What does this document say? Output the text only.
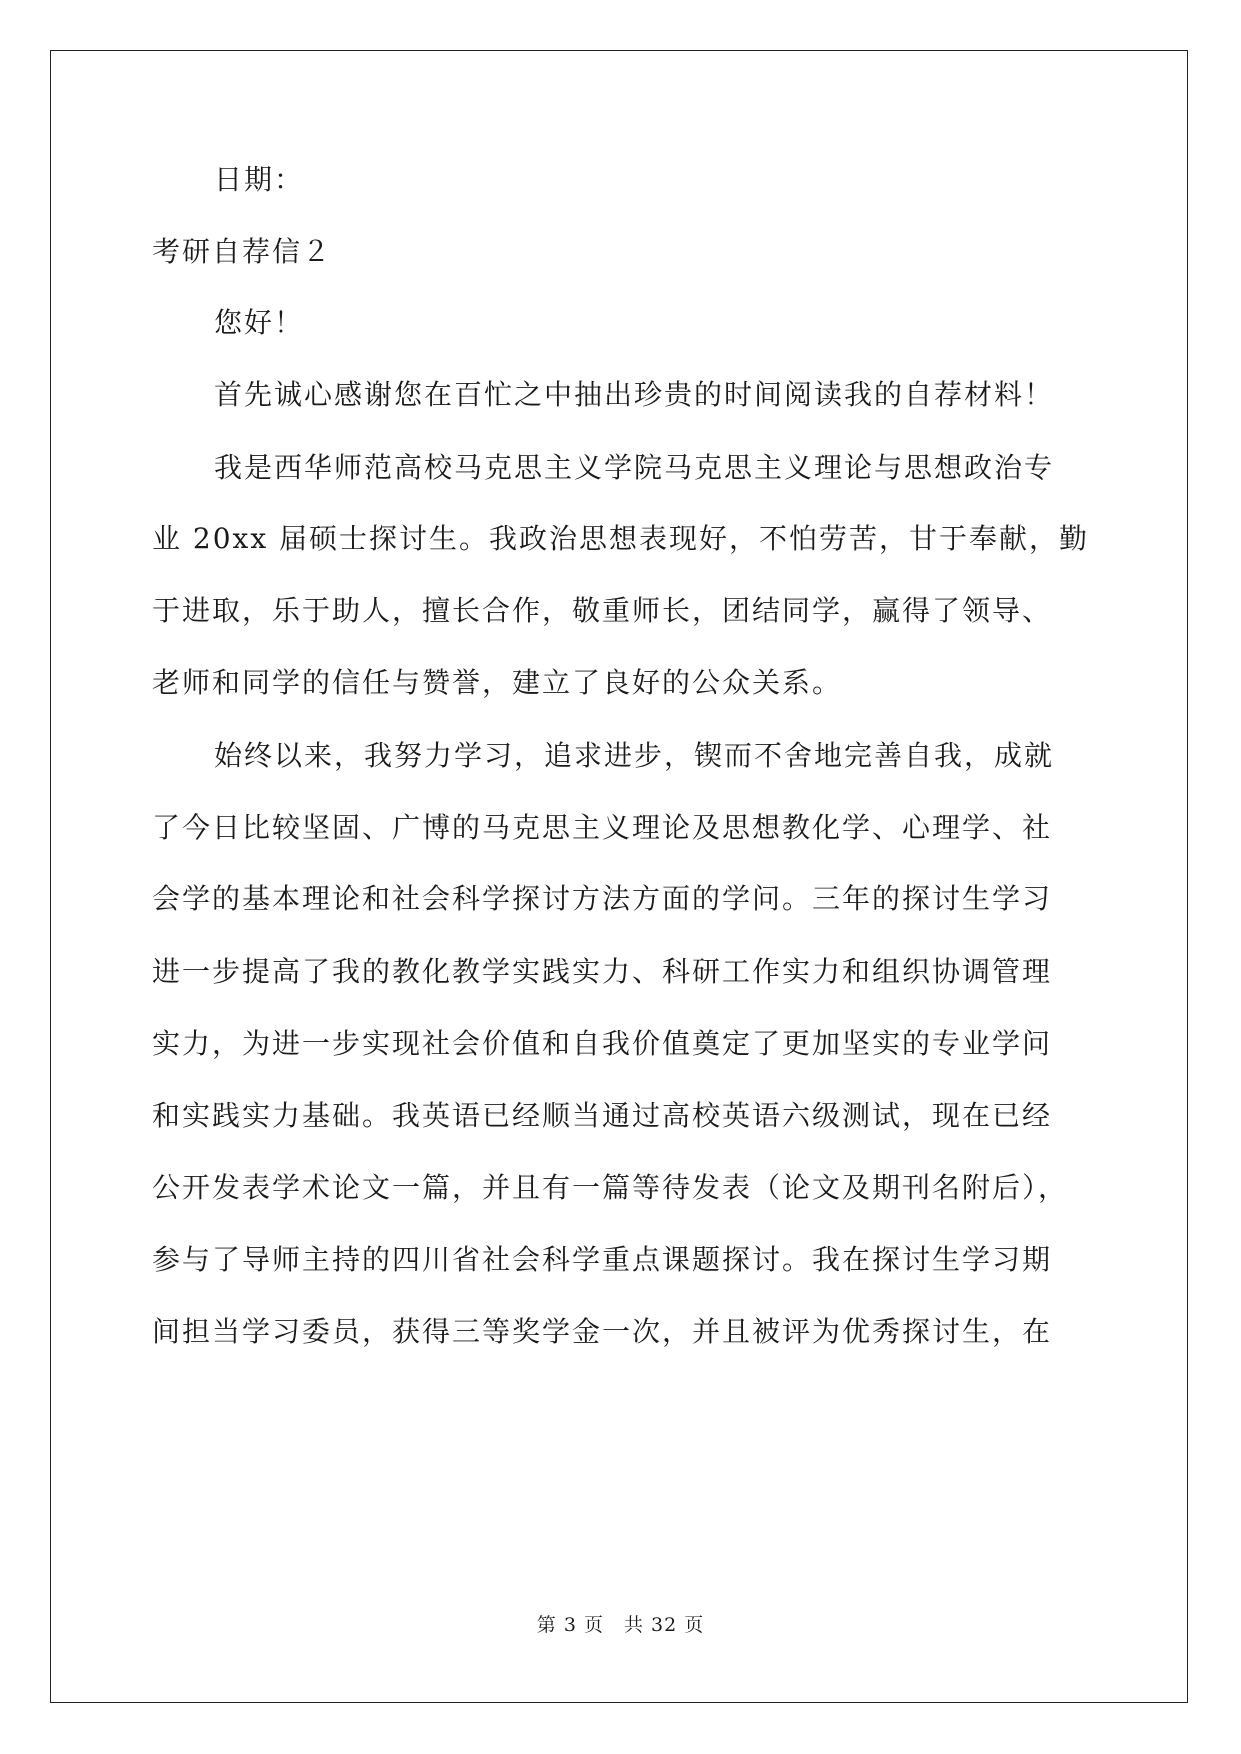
日期：
考研自荐信２
您好！
首先诚心感谢您在百忙之中抽出珍贵的时间阅读我的自荐材料！
我是西华师范高校马克思主义学院马克思主义理论与思想政治专
业 20xx 届硕士探讨生。我政治思想表现好，不怕劳苦，甘于奉献，勤
于进取，乐于助人，擅长合作，敬重师长，团结同学，赢得了领导、
老师和同学的信任与赞誉，建立了良好的公众关系。
始终以来，我努力学习，追求进步，锲而不舍地完善自我，成就
了今日比较坚固、广博的马克思主义理论及思想教化学、心理学、社
会学的基本理论和社会科学探讨方法方面的学问。三年的探讨生学习
进一步提高了我的教化教学实践实力、科研工作实力和组织协调管理
实力，为进一步实现社会价值和自我价值奠定了更加坚实的专业学问
和实践实力基础。我英语已经顺当通过高校英语六级测试，现在已经
公开发表学术论文一篇，并且有一篇等待发表（论文及期刊名附后），
参与了导师主持的四川省社会科学重点课题探讨。我在探讨生学习期
间担当学习委员，获得三等奖学金一次，并且被评为优秀探讨生，在
第 3 页　共 32 页
